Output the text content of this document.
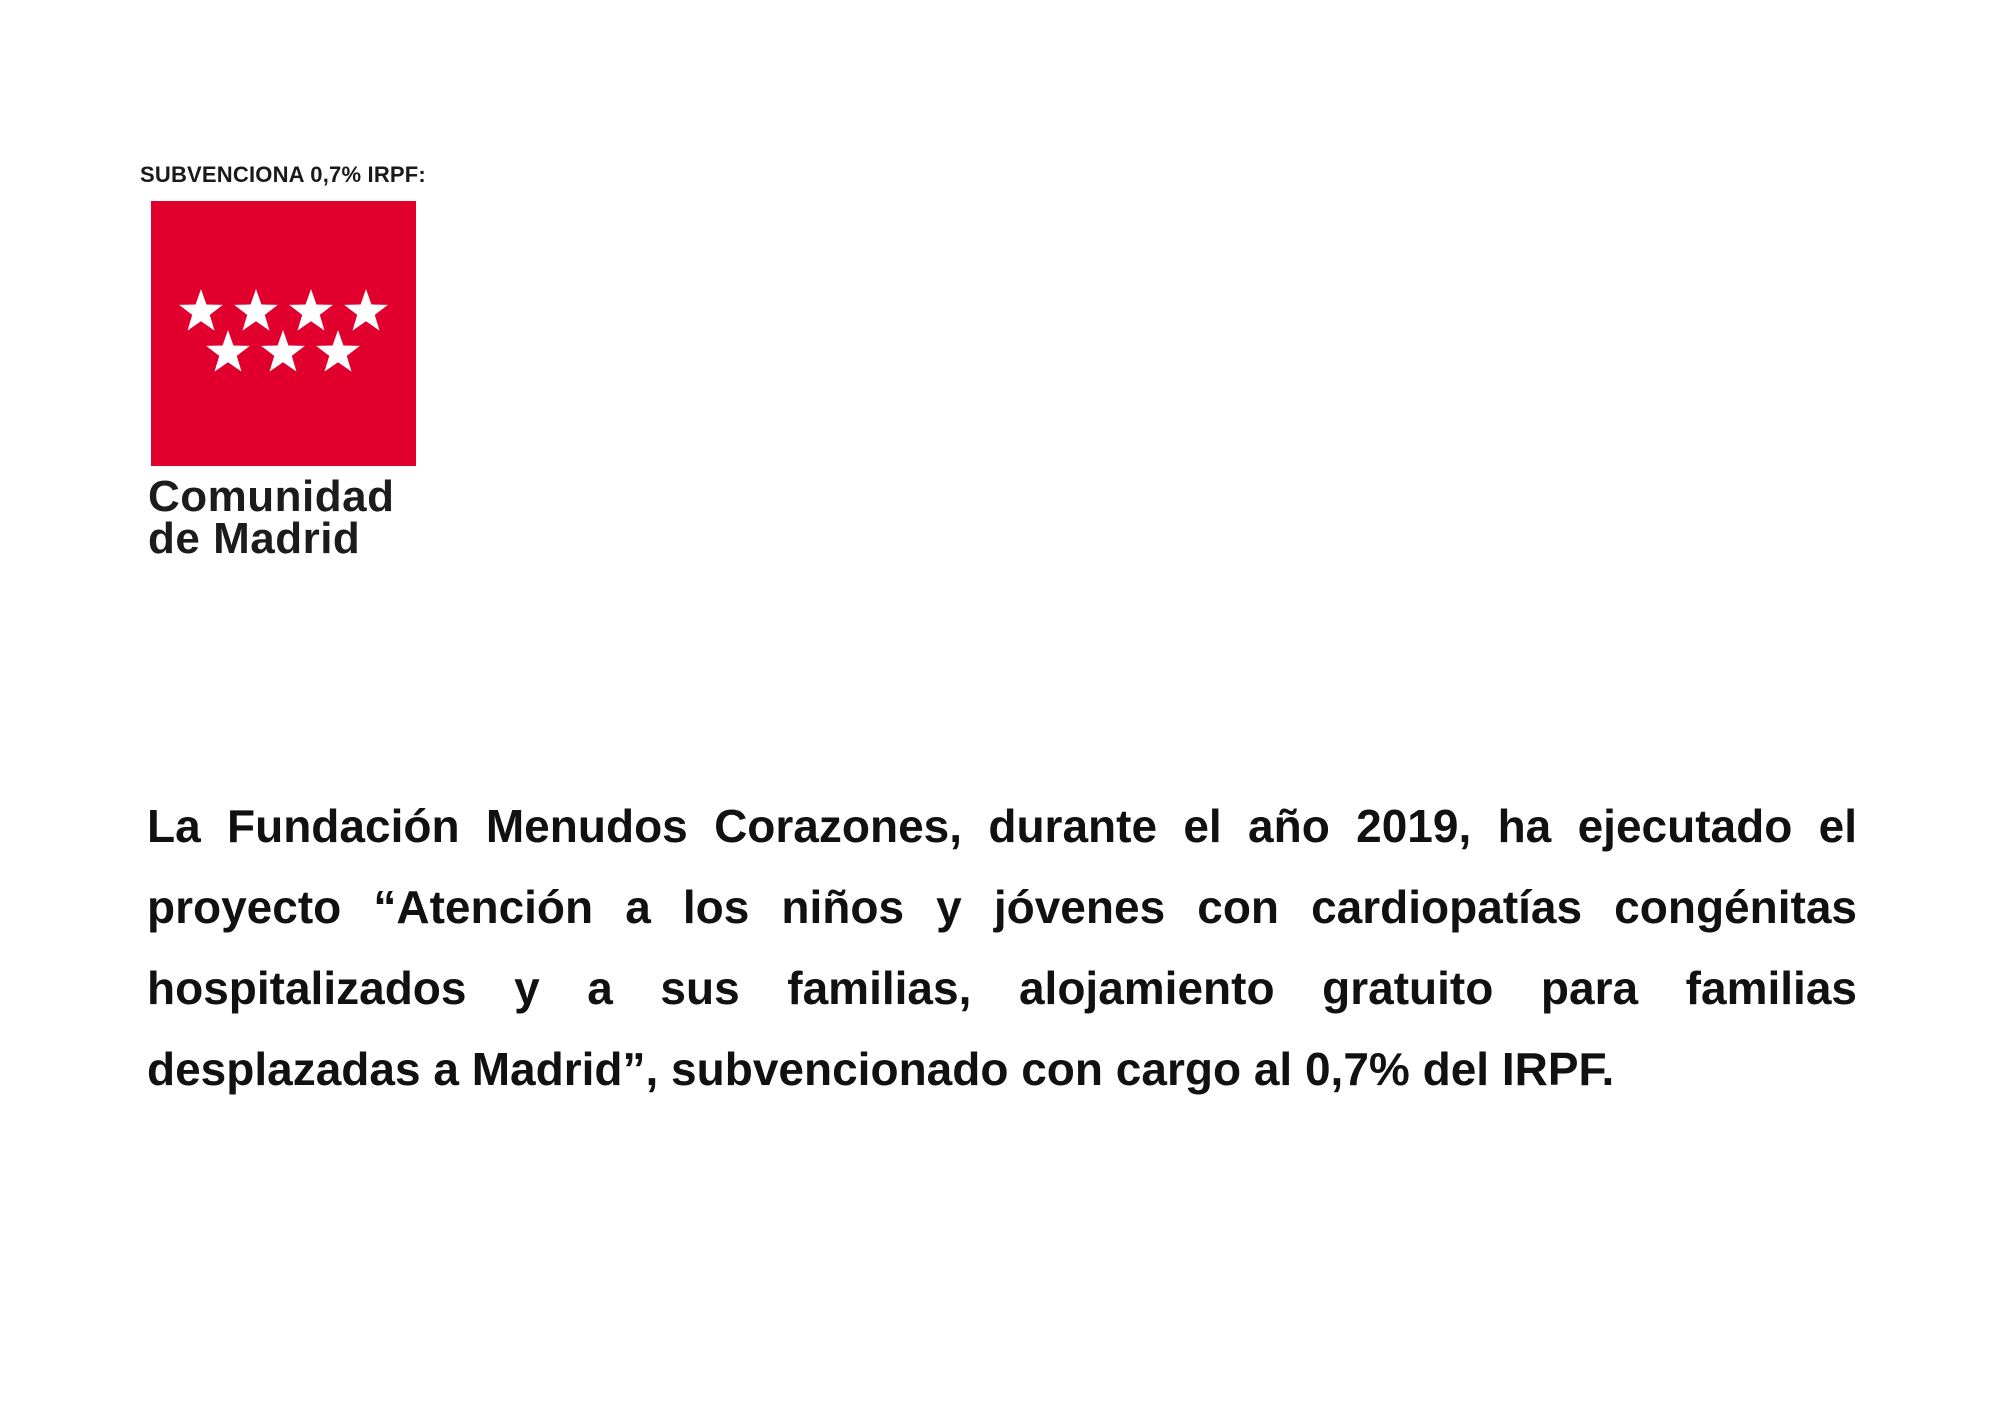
SUBVENCIONA 0,7% IRPF:
Comunidad
de Madrid

La Fundación Menudos Corazones, durante el año 2019, ha ejecutado el proyecto “Atención a los niños y jóvenes con cardiopatías congénitas hospitalizados y a sus familias, alojamiento gratuito para familias desplazadas a Madrid”, subvencionado con cargo al 0,7% del IRPF.
